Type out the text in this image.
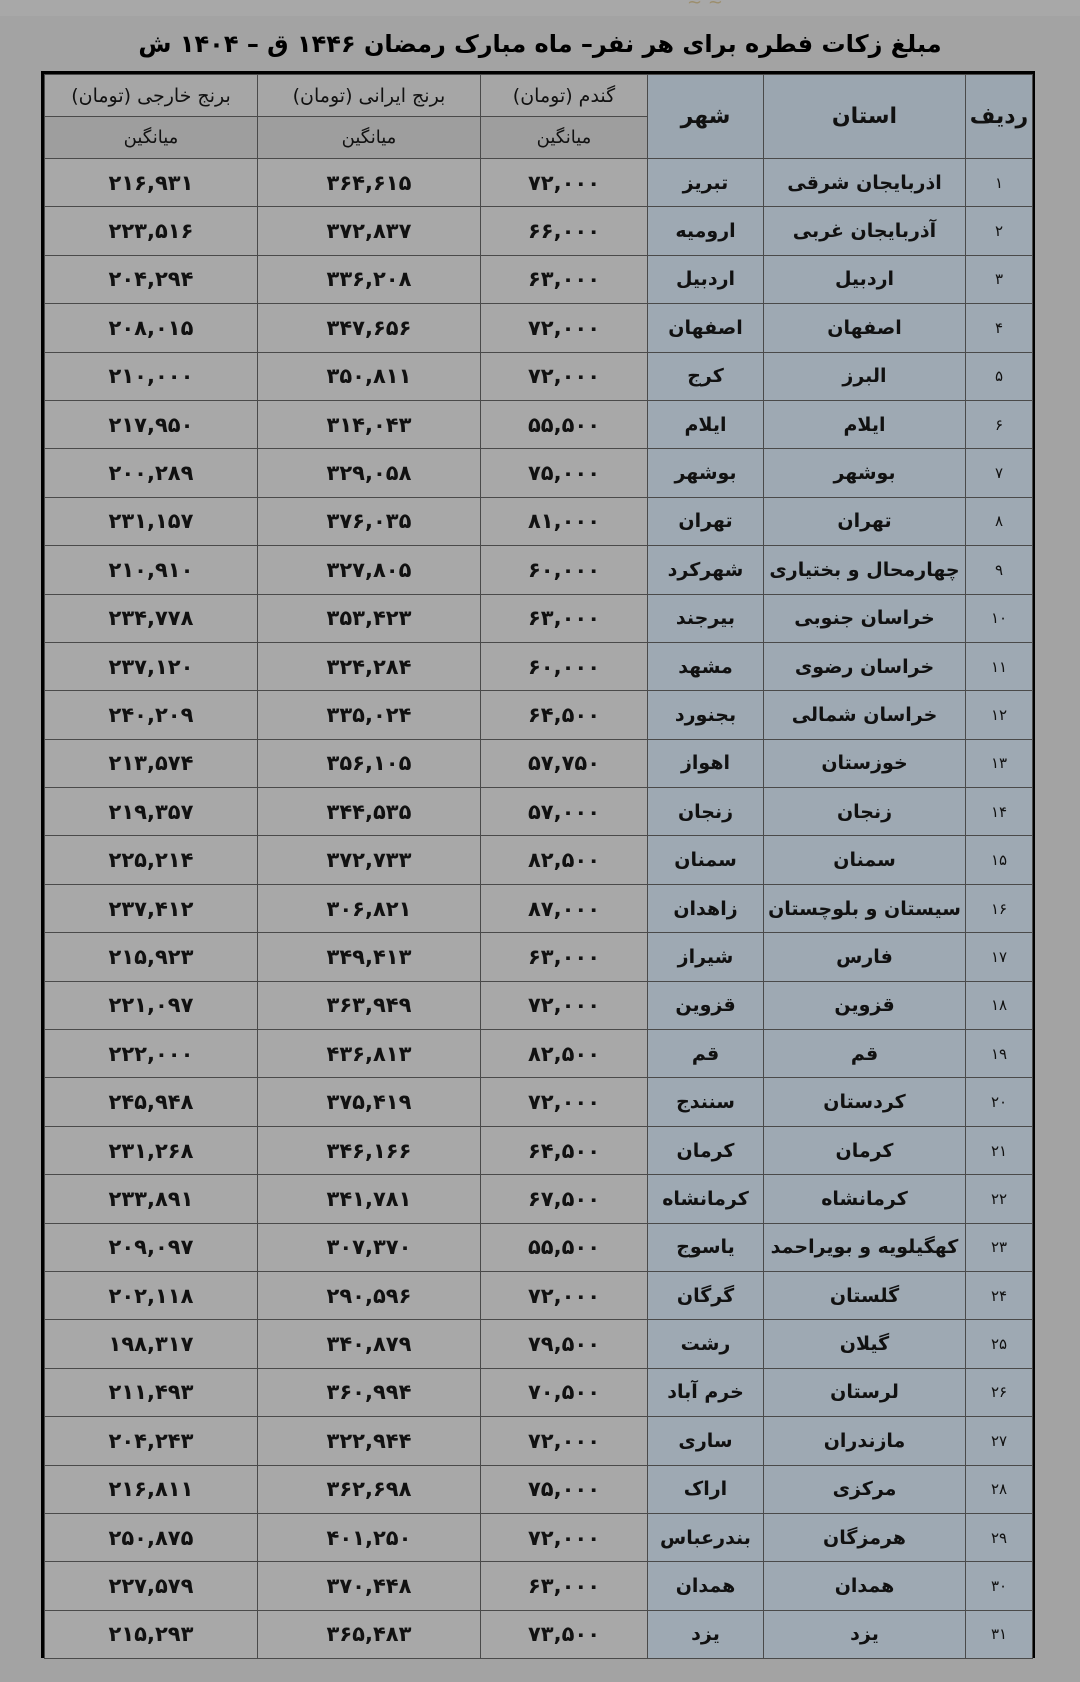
~ ~
مبلغ زکات فطره برای هر نفر– ماه مبارک رمضان ۱۴۴۶ ق – ۱۴۰۴ ش
ردیف	استان	شهر	گندم (تومان)	برنج ایرانی (تومان)	برنج خارجی (تومان)
			میانگین	میانگین	میانگین
۱	اذربایجان شرقی	تبریز	۷۲,۰۰۰	۳۶۴,۶۱۵	۲۱۶,۹۳۱
۲	آذربایجان غربی	ارومیه	۶۶,۰۰۰	۳۷۲,۸۳۷	۲۲۳,۵۱۶
۳	اردبیل	اردبیل	۶۳,۰۰۰	۳۳۶,۲۰۸	۲۰۴,۲۹۴
۴	اصفهان	اصفهان	۷۲,۰۰۰	۳۴۷,۶۵۶	۲۰۸,۰۱۵
۵	البرز	کرج	۷۲,۰۰۰	۳۵۰,۸۱۱	۲۱۰,۰۰۰
۶	ایلام	ایلام	۵۵,۵۰۰	۳۱۴,۰۴۳	۲۱۷,۹۵۰
۷	بوشهر	بوشهر	۷۵,۰۰۰	۳۲۹,۰۵۸	۲۰۰,۲۸۹
۸	تهران	تهران	۸۱,۰۰۰	۳۷۶,۰۳۵	۲۳۱,۱۵۷
۹	چهارمحال و بختیاری	شهرکرد	۶۰,۰۰۰	۳۲۷,۸۰۵	۲۱۰,۹۱۰
۱۰	خراسان جنوبی	بیرجند	۶۳,۰۰۰	۳۵۳,۴۲۳	۲۳۴,۷۷۸
۱۱	خراسان رضوی	مشهد	۶۰,۰۰۰	۳۲۴,۲۸۴	۲۳۷,۱۲۰
۱۲	خراسان شمالی	بجنورد	۶۴,۵۰۰	۳۳۵,۰۲۴	۲۴۰,۲۰۹
۱۳	خوزستان	اهواز	۵۷,۷۵۰	۳۵۶,۱۰۵	۲۱۳,۵۷۴
۱۴	زنجان	زنجان	۵۷,۰۰۰	۳۴۴,۵۳۵	۲۱۹,۳۵۷
۱۵	سمنان	سمنان	۸۲,۵۰۰	۳۷۲,۷۳۳	۲۲۵,۲۱۴
۱۶	سیستان و بلوچستان	زاهدان	۸۷,۰۰۰	۳۰۶,۸۲۱	۲۳۷,۴۱۲
۱۷	فارس	شیراز	۶۳,۰۰۰	۳۴۹,۴۱۳	۲۱۵,۹۲۳
۱۸	قزوین	قزوین	۷۲,۰۰۰	۳۶۳,۹۴۹	۲۲۱,۰۹۷
۱۹	قم	قم	۸۲,۵۰۰	۴۳۶,۸۱۳	۲۲۲,۰۰۰
۲۰	کردستان	سنندج	۷۲,۰۰۰	۳۷۵,۴۱۹	۲۴۵,۹۴۸
۲۱	کرمان	کرمان	۶۴,۵۰۰	۳۴۶,۱۶۶	۲۳۱,۲۶۸
۲۲	کرمانشاه	کرمانشاه	۶۷,۵۰۰	۳۴۱,۷۸۱	۲۳۳,۸۹۱
۲۳	کهگیلویه و بویراحمد	یاسوج	۵۵,۵۰۰	۳۰۷,۳۷۰	۲۰۹,۰۹۷
۲۴	گلستان	گرگان	۷۲,۰۰۰	۲۹۰,۵۹۶	۲۰۲,۱۱۸
۲۵	گیلان	رشت	۷۹,۵۰۰	۳۴۰,۸۷۹	۱۹۸,۳۱۷
۲۶	لرستان	خرم آباد	۷۰,۵۰۰	۳۶۰,۹۹۴	۲۱۱,۴۹۳
۲۷	مازندران	ساری	۷۲,۰۰۰	۳۲۲,۹۴۴	۲۰۴,۲۴۳
۲۸	مرکزی	اراک	۷۵,۰۰۰	۳۶۲,۶۹۸	۲۱۶,۸۱۱
۲۹	هرمزگان	بندرعباس	۷۲,۰۰۰	۴۰۱,۲۵۰	۲۵۰,۸۷۵
۳۰	همدان	همدان	۶۳,۰۰۰	۳۷۰,۴۴۸	۲۲۷,۵۷۹
۳۱	یزد	یزد	۷۳,۵۰۰	۳۶۵,۴۸۳	۲۱۵,۲۹۳
